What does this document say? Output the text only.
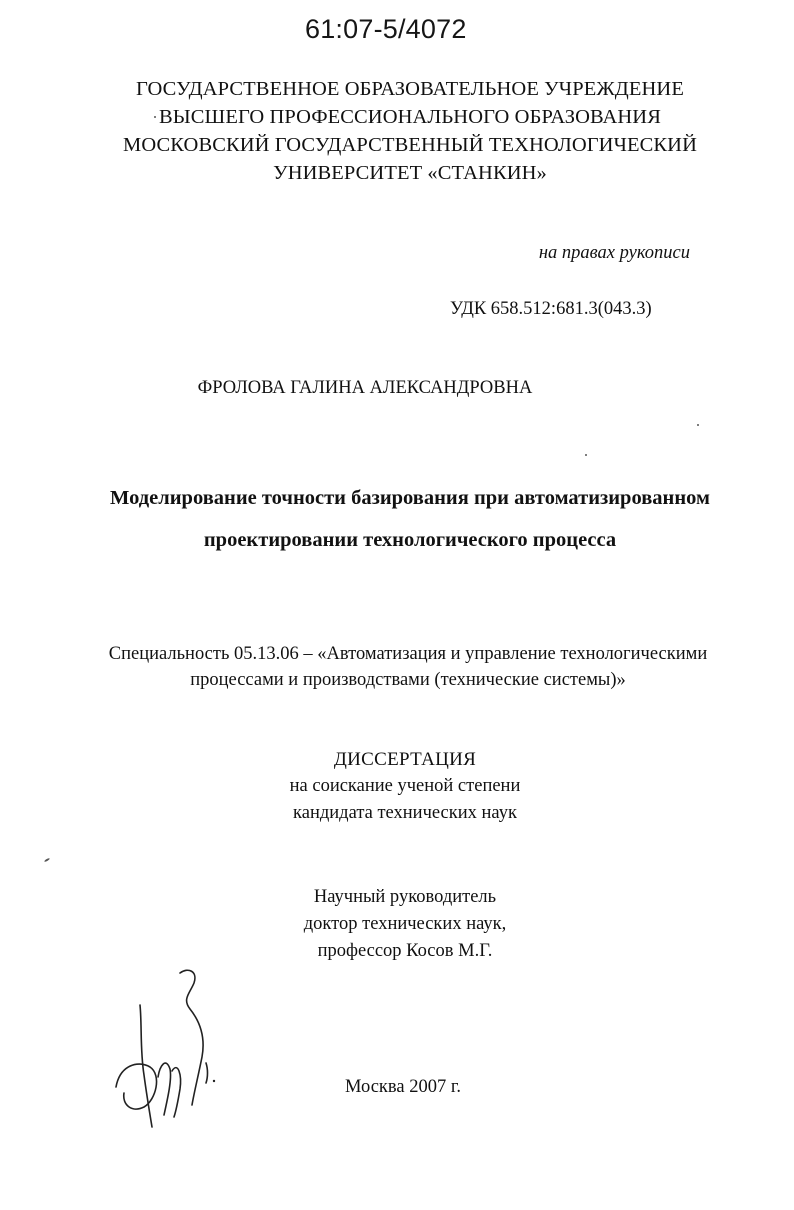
61:07-5/4072
ГОСУДАРСТВЕННОЕ ОБРАЗОВАТЕЛЬНОЕ УЧРЕЖДЕНИЕ
ВЫСШЕГО ПРОФЕССИОНАЛЬНОГО ОБРАЗОВАНИЯ
МОСКОВСКИЙ ГОСУДАРСТВЕННЫЙ ТЕХНОЛОГИЧЕСКИЙ
УНИВЕРСИТЕТ «СТАНКИН»
на правах рукописи
УДК 658.512:681.3(043.3)
ФРОЛОВА ГАЛИНА АЛЕКСАНДРОВНА
Моделирование точности базирования при автоматизированном
проектировании технологического процесса
Специальность 05.13.06 – «Автоматизация и управление технологическими
процессами и производствами (технические системы)»
ДИССЕРТАЦИЯ
на соискание ученой степени
кандидата технических наук
Научный руководитель
доктор технических наук,
профессор Косов М.Г.
Москва 2007 г.
